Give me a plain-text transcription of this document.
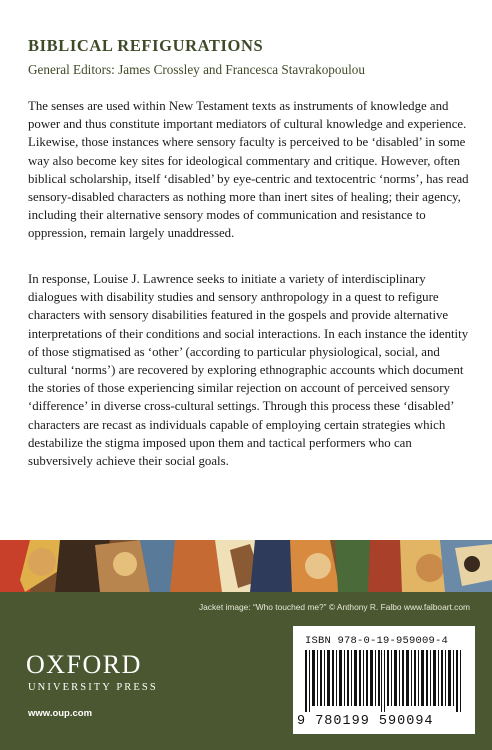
BIBLICAL REFIGURATIONS
General Editors: James Crossley and Francesca Stavrakopoulou

The senses are used within New Testament texts as instruments of knowledge and power and thus constitute important mediators of cultural knowledge and experience. Likewise, those instances where sensory faculty is perceived to be ‘disabled’ in some way also become key sites for ideological commentary and critique. However, often biblical scholarship, itself ‘disabled’ by eye-centric and textocentric ‘norms’, has read sensory-disabled characters as nothing more than inert sites of healing; their agency, including their alternative sensory modes of communication and resistance to oppression, remain largely unaddressed.

In response, Louise J. Lawrence seeks to initiate a variety of interdisciplinary dialogues with disability studies and sensory anthropology in a quest to refigure characters with sensory disabilities featured in the gospels and provide alternative interpretations of their conditions and social interactions. In each instance the identity of those stigmatised as ‘other’ (according to particular physiological, social, and cultural ‘norms’) are recovered by exploring ethnographic accounts which document the stories of those experiencing similar rejection on account of perceived sensory ‘difference’ in diverse cross-cultural settings. Through this process these ‘disabled’ characters are recast as individuals capable of employing certain strategies which destabilize the stigma imposed upon them and tactical performers who can subversively achieve their social goals.

Jacket image: “Who touched me?” © Anthony R. Falbo www.falboart.com
OXFORD
UNIVERSITY PRESS
www.oup.com
ISBN 978-0-19-959009-4
9 780199 590094
